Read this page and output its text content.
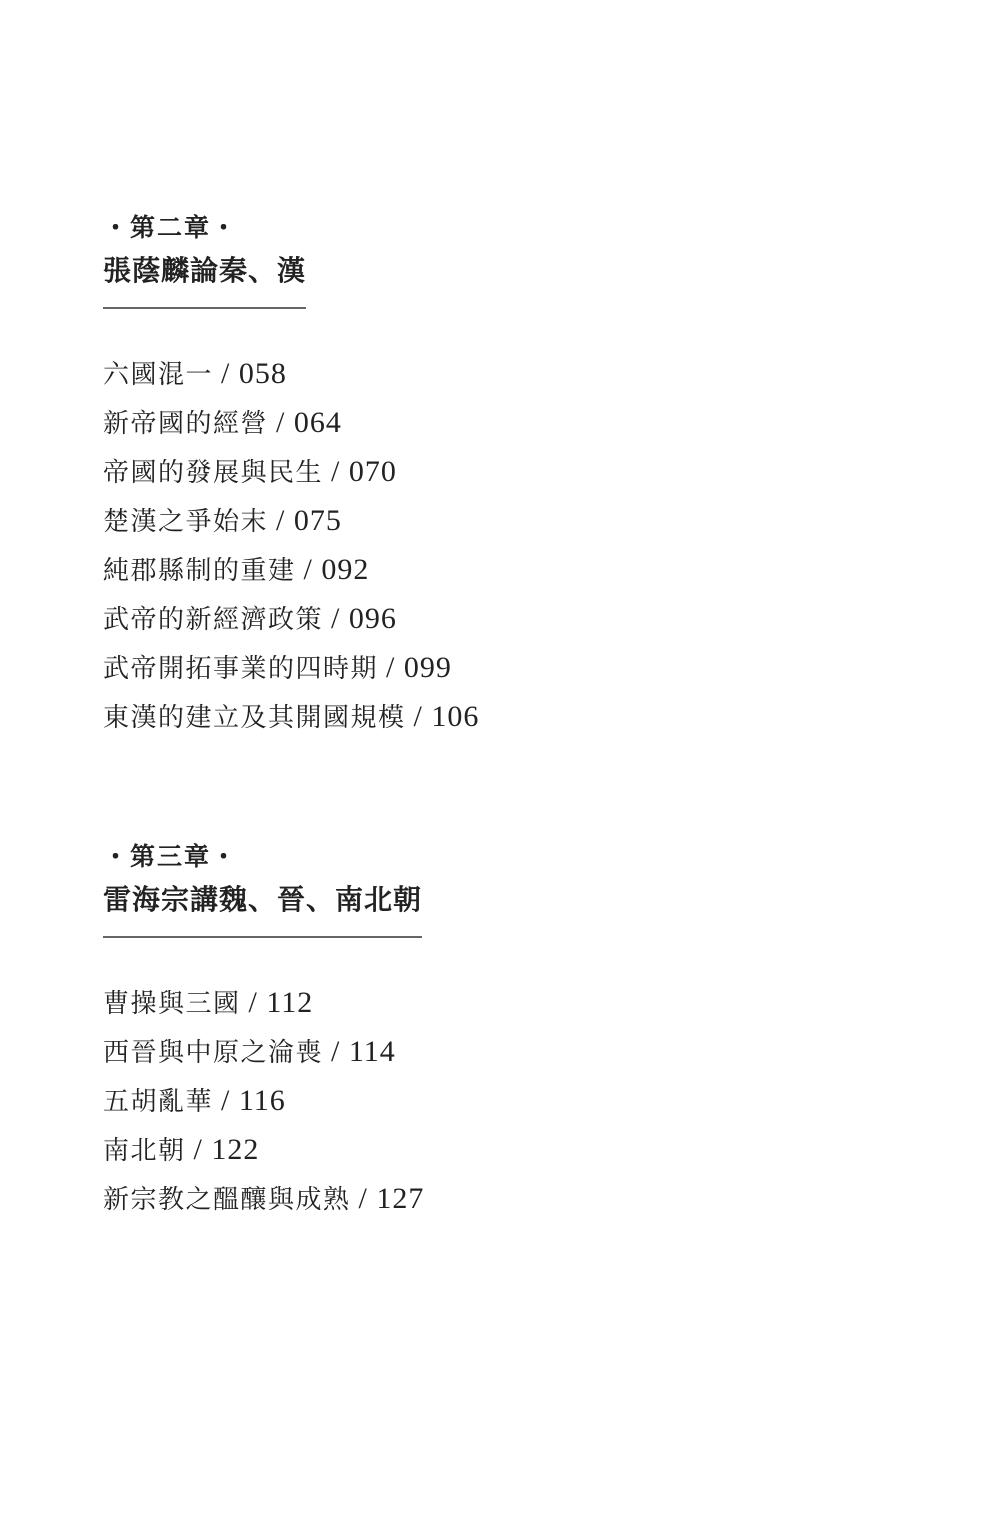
・第二章・
張蔭麟論秦、漢
六國混一 / 058
新帝國的經營 / 064
帝國的發展與民生 / 070
楚漢之爭始末 / 075
純郡縣制的重建 / 092
武帝的新經濟政策 / 096
武帝開拓事業的四時期 / 099
東漢的建立及其開國規模 / 106
・第三章・
雷海宗講魏、晉、南北朝
曹操與三國 / 112
西晉與中原之淪喪 / 114
五胡亂華 / 116
南北朝 / 122
新宗教之醞釀與成熟 / 127
